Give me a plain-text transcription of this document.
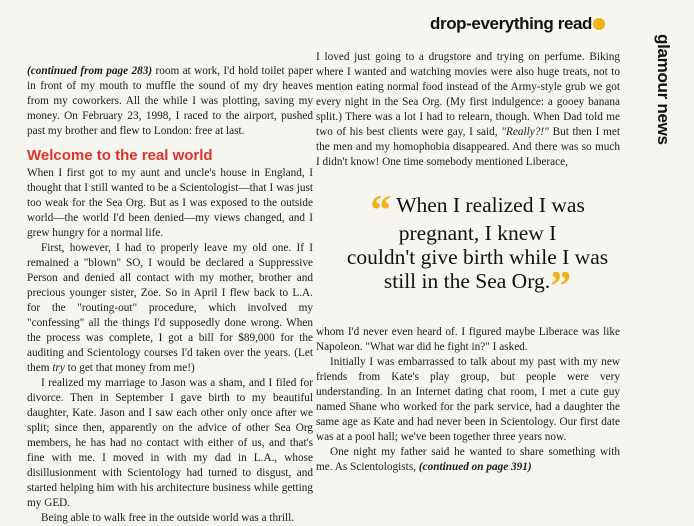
drop-everything read
glamour news

(continued from page 283) room at work, I'd hold toilet paper in front of my mouth to muffle the sound of my dry heaves from my coworkers. All the while I was plotting, saving my money. On February 23, 1998, I raced to the airport, pushed past my brother and flew to London: free at last.

Welcome to the real world

When I first got to my aunt and uncle's house in England, I thought that I still wanted to be a Scientologist—that I was just too weak for the Sea Org. But as I was exposed to the outside world—the world I'd been denied—my views changed, and I grew hungry for a normal life.

First, however, I had to properly leave my old one. If I remained a "blown" SO, I would be declared a Suppressive Person and denied all contact with my mother, brother and precious younger sister, Zoe. So in April I flew back to L.A. for the "routing-out" procedure, which involved my "confessing" all the things I'd supposedly done wrong. When the process was complete, I got a bill for $89,000 for the auditing and Scientology courses I'd taken over the years. (Let them try to get that money from me!)

I realized my marriage to Jason was a sham, and I filed for divorce. Then in September I gave birth to my beautiful daughter, Kate. Jason and I saw each other only once after we split; since then, apparently on the advice of other Sea Org members, he has had no contact with either of us, and that's fine with me. I moved in with my dad in L.A., whose disillusionment with Scientology had turned to disgust, and started helping him with his architecture business while getting my GED.

Being able to walk free in the outside world was a thrill.

I loved just going to a drugstore and trying on perfume. Biking where I wanted and watching movies were also huge treats, not to mention eating normal food instead of the Army-style grub we got every night in the Sea Org. (My first indulgence: a gooey banana split.) There was a lot I had to relearn, though. When Dad told me two of his best clients were gay, I said, "Really?!" But then I met the men and my homophobia disappeared. And there was so much I didn't know! One time somebody mentioned Liberace,

“ When I realized I was
pregnant, I knew I
couldn't give birth while I was
still in the Sea Org.”

whom I'd never even heard of. I figured maybe Liberace was like Napoleon. "What war did he fight in?" I asked.

Initially I was embarrassed to talk about my past with my new friends from Kate's play group, but people were very understanding. In an Internet dating chat room, I met a cute guy named Shane who worked for the park service, had a daughter the same age as Kate and had never been in Scientology. Our first date was at a pool hall; we've been together three years now.

One night my father said he wanted to share something with me. As Scientologists, (continued on page 391)
